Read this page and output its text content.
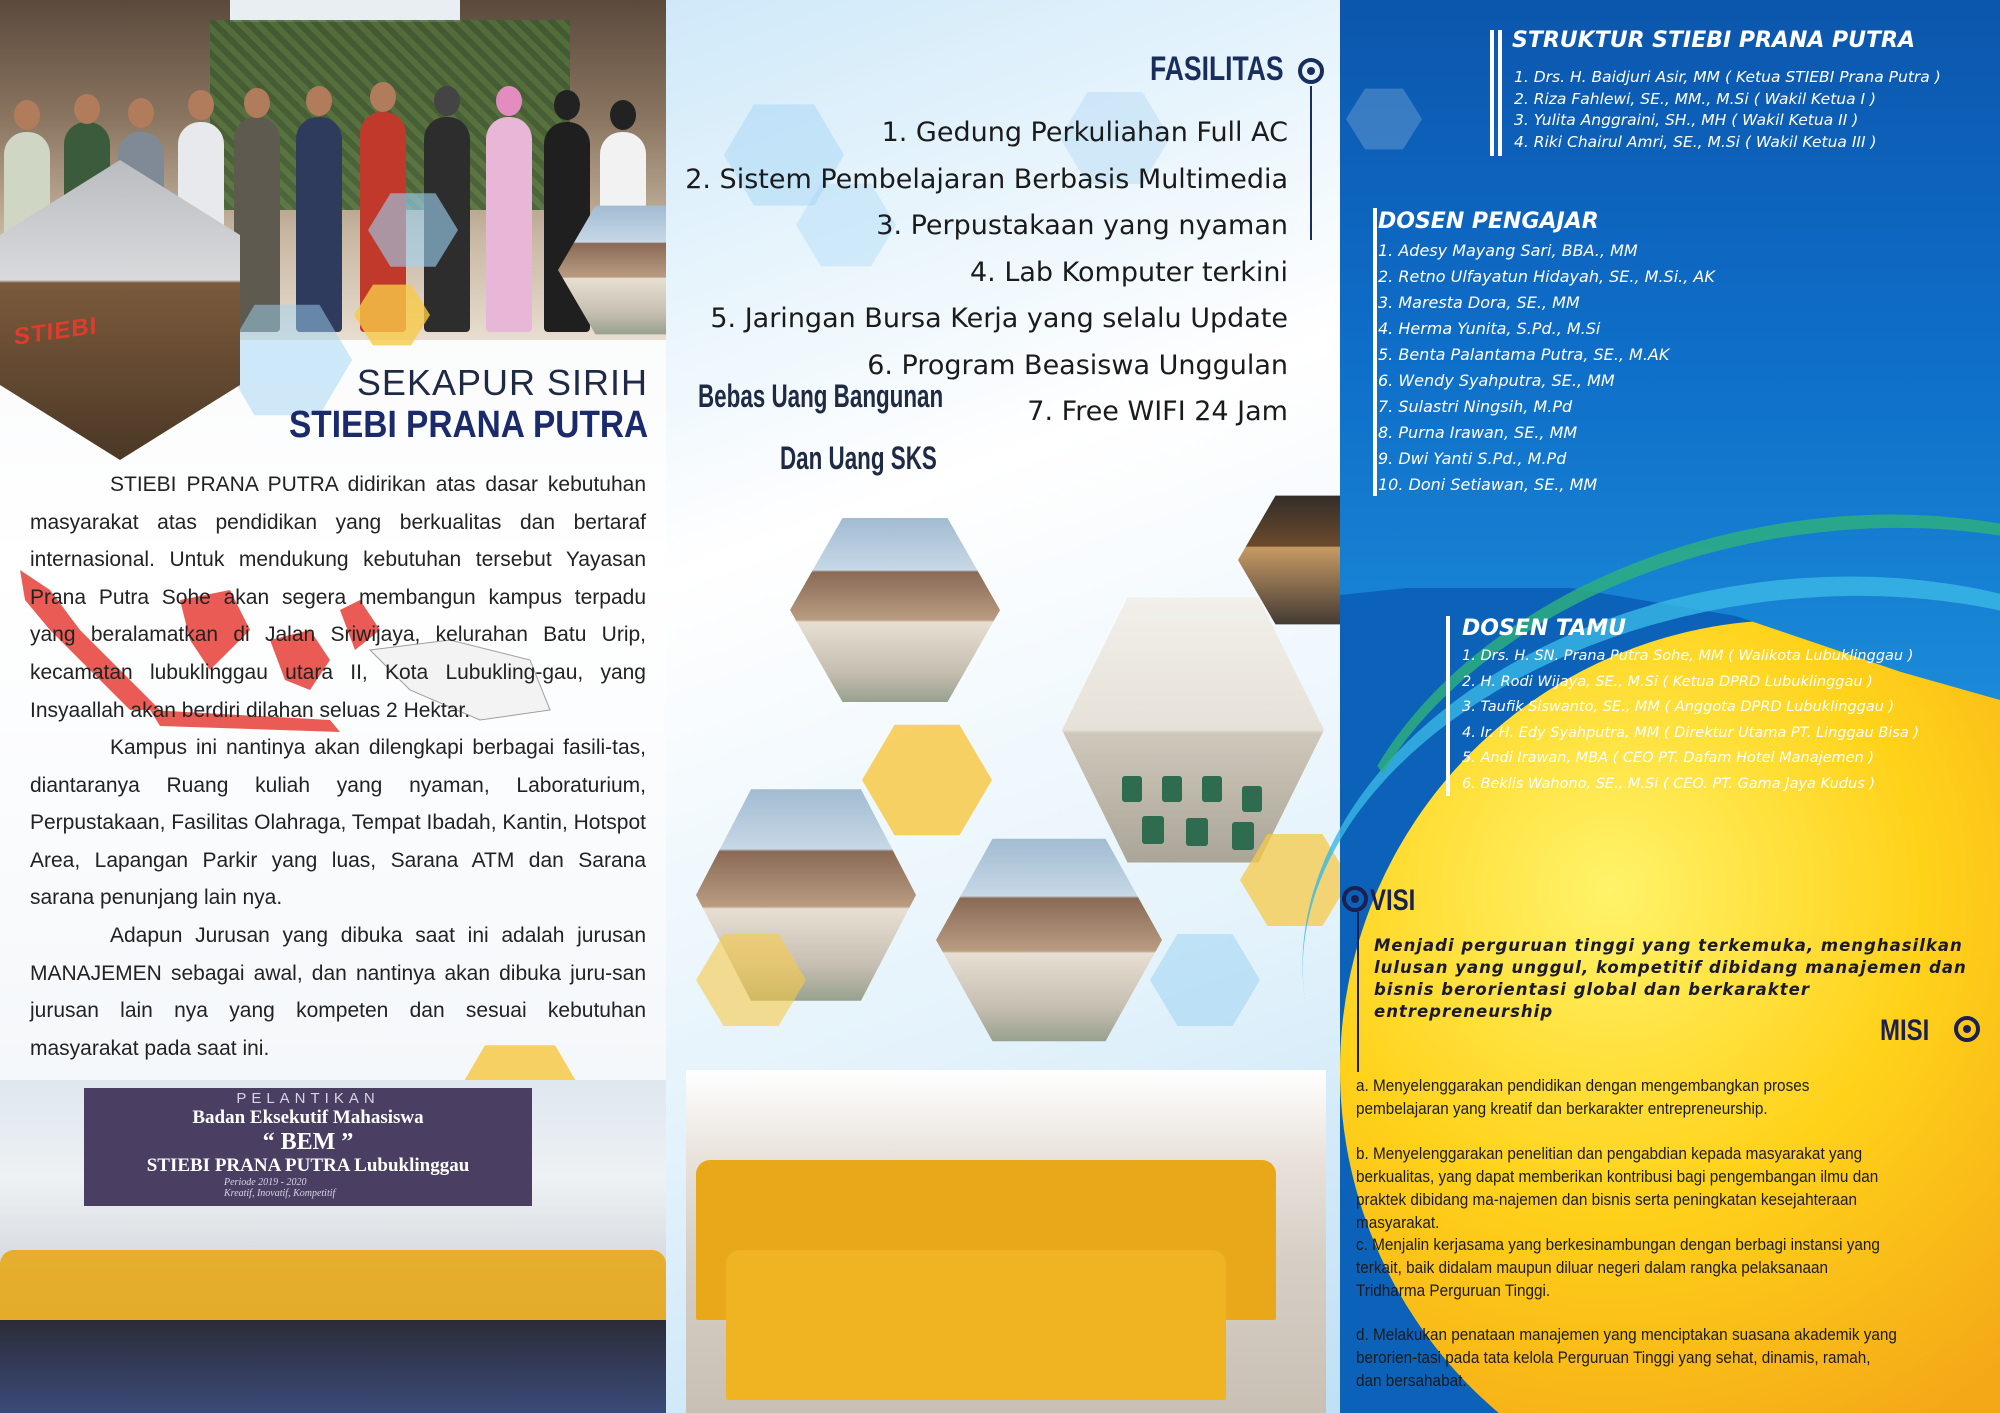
STIEBI
SEKAPUR SIRIH
STIEBI PRANA PUTRA

STIEBI PRANA PUTRA didirikan atas dasar kebutuhan masyarakat atas pendidikan yang berkualitas dan bertaraf internasional. Untuk mendukung kebutuhan tersebut Yayasan Prana Putra Sohe akan segera membangun kampus terpadu yang beralamatkan di Jalan Sriwijaya, kelurahan Batu Urip, kecamatan lubuklinggau utara II, Kota Lubukling-gau, yang Insyaallah akan berdiri dilahan seluas 2 Hektar.

Kampus ini nantinya akan dilengkapi berbagai fasili-tas, diantaranya Ruang kuliah yang nyaman, Laboraturium, Perpustakaan, Fasilitas Olahraga, Tempat Ibadah, Kantin, Hotspot Area, Lapangan Parkir yang luas, Sarana ATM dan Sarana sarana penunjang lain nya.

Adapun Jurusan yang dibuka saat ini adalah jurusan MANAJEMEN sebagai awal, dan nantinya akan dibuka juru-san jurusan lain nya yang kompeten dan sesuai kebutuhan masyarakat pada saat ini.

PELANTIKAN
Badan Eksekutif Mahasiswa
“ BEM ”
STIEBI PRANA PUTRA Lubuklinggau
Periode 2019 - 2020
Kreatif, Inovatif, Kompetitif
FASILITAS
1. Gedung Perkuliahan Full AC
2. Sistem Pembelajaran Berbasis Multimedia
3. Perpustakaan yang nyaman
4. Lab Komputer terkini
5. Jaringan Bursa Kerja yang selalu Update
6. Program Beasiswa Unggulan
7. Free WIFI 24 Jam
Bebas Uang Bangunan
Dan Uang SKS
STRUKTUR STIEBI PRANA PUTRA
1. Drs. H. Baidjuri Asir, MM ( Ketua STIEBI Prana Putra )
2. Riza Fahlewi, SE., MM., M.Si ( Wakil Ketua I )
3. Yulita Anggraini, SH., MH ( Wakil Ketua II )
4. Riki Chairul Amri, SE., M.Si ( Wakil Ketua III )
DOSEN PENGAJAR
1. Adesy Mayang Sari, BBA., MM
2. Retno Ulfayatun Hidayah, SE., M.Si., AK
3. Maresta Dora, SE., MM
4. Herma Yunita, S.Pd., M.Si
5. Benta Palantama Putra, SE., M.AK
6. Wendy Syahputra, SE., MM
7. Sulastri Ningsih, M.Pd
8. Purna Irawan, SE., MM
9. Dwi Yanti S.Pd., M.Pd
10. Doni Setiawan, SE., MM
DOSEN TAMU
1. Drs. H. SN. Prana Putra Sohe, MM ( Walikota Lubuklinggau )
2. H. Rodi Wijaya, SE., M.Si ( Ketua DPRD Lubuklinggau )
3. Taufik Siswanto, SE., MM ( Anggota DPRD Lubuklinggau )
4. Ir. H. Edy Syahputra, MM ( Direktur Utama PT. Linggau Bisa )
5. Andi Irawan, MBA ( CEO PT. Dafam Hotel Manajemen )
6. Beklis Wahono, SE., M.Si ( CEO. PT. Gama Jaya Kudus )
VISI
Menjadi perguruan tinggi yang terkemuka, menghasilkan lulusan yang unggul, kompetitif dibidang manajemen dan bisnis berorientasi global dan berkarakter entrepreneurship
MISI
a. Menyelenggarakan pendidikan dengan mengembangkan proses pembelajaran yang kreatif dan berkarakter entrepreneurship.
b. Menyelenggarakan penelitian dan pengabdian kepada masyarakat yang berkualitas, yang dapat memberikan kontribusi bagi pengembangan ilmu dan praktek dibidang ma-najemen dan bisnis serta peningkatan kesejahteraan masyarakat.
c. Menjalin kerjasama yang berkesinambungan dengan berbagi instansi yang terkait, baik didalam maupun diluar negeri dalam rangka pelaksanaan Tridharma Perguruan Tinggi.
d. Melakukan penataan manajemen yang menciptakan suasana akademik yang berorien-tasi pada tata kelola Perguruan Tinggi yang sehat, dinamis, ramah, dan bersahabat.
